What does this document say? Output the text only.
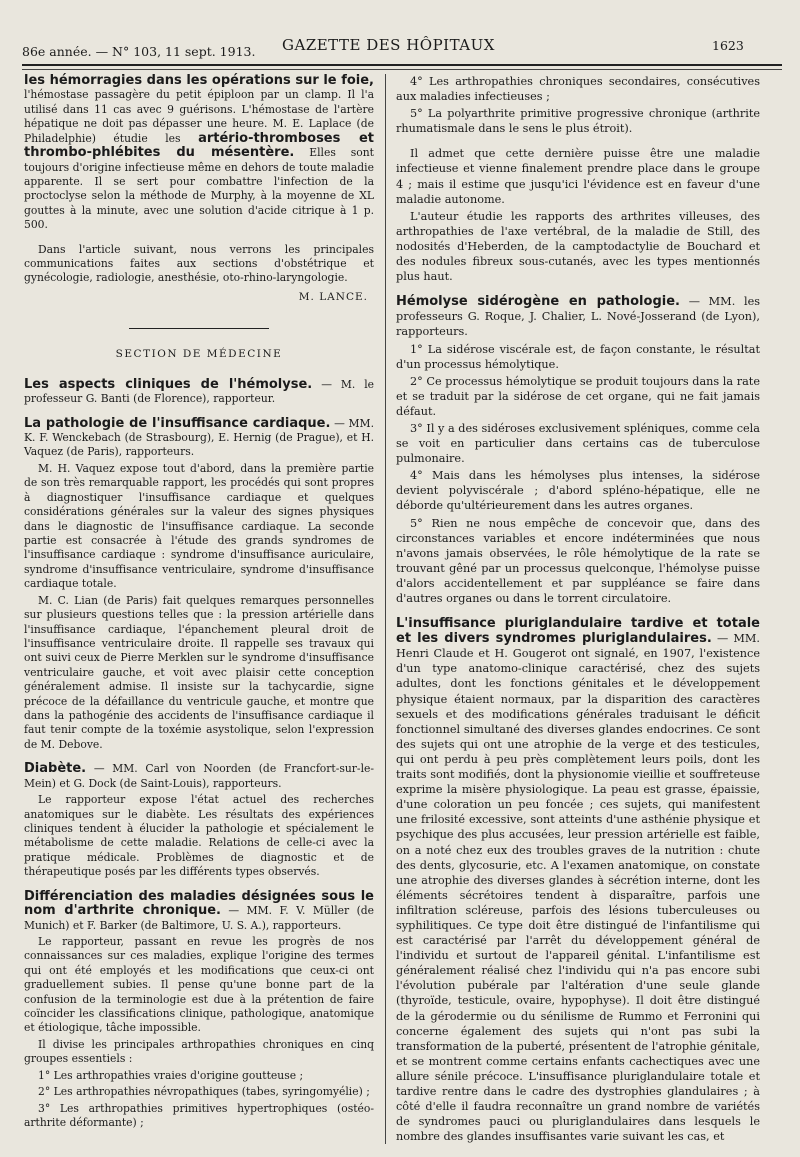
86e année. — N° 103, 11 sept. 1913. GAZETTE DES HÔPITAUX	1623

les hémorragies dans les opérations sur le foie, l'hémostase passagère du petit épiploon par un clamp. Il l'a utilisé dans 11 cas avec 9 guérisons. L'hémostase de l'artère hépatique ne doit pas dépasser une heure. M. E. Laplace (de Philadelphie) étudie les artério-thromboses et thrombo-phlébites du mésentère. Elles sont toujours d'origine infectieuse même en dehors de toute maladie apparente. Il se sert pour combattre l'infection de la proctoclyse selon la méthode de Murphy, à la moyenne de XL gouttes à la minute, avec une solution d'acide citrique à 1 p. 500.

Dans l'article suivant, nous verrons les principales communications faites aux sections d'obstétrique et gynécologie, radiologie, anesthésie, oto-rhino-laryngologie.

M. LANCE.
SECTION DE MÉDECINE

Les aspects cliniques de l'hémolyse. — M. le professeur G. Banti (de Florence), rapporteur.

La pathologie de l'insuffisance cardiaque. — MM. K. F. Wenckebach (de Strasbourg), E. Hernig (de Prague), et H. Vaquez (de Paris), rapporteurs.

M. H. Vaquez expose tout d'abord, dans la première partie de son très remarquable rapport, les procédés qui sont propres à diagnostiquer l'insuffisance cardiaque et quelques considérations générales sur la valeur des signes physiques dans le diagnostic de l'insuffisance cardiaque. La seconde partie est consacrée à l'étude des grands syndromes de l'insuffisance cardiaque : syndrome d'insuffisance auriculaire, syndrome d'insuffisance ventriculaire, syndrome d'insuffisance cardiaque totale.

M. C. Lian (de Paris) fait quelques remarques personnelles sur plusieurs questions telles que : la pression artérielle dans l'insuffisance cardiaque, l'épanchement pleural droit de l'insuffisance ventriculaire droite. Il rappelle ses travaux qui ont suivi ceux de Pierre Merklen sur le syndrome d'insuffisance ventriculaire gauche, et voit avec plaisir cette conception généralement admise. Il insiste sur la tachycardie, signe précoce de la défaillance du ventricule gauche, et montre que dans la pathogénie des accidents de l'insuffisance cardiaque il faut tenir compte de la toxémie asystolique, selon l'expression de M. Debove.

Diabète. — MM. Carl von Noorden (de Francfort-sur-le-Mein) et G. Dock (de Saint-Louis), rapporteurs.

Le rapporteur expose l'état actuel des recherches anatomiques sur le diabète. Les résultats des expériences cliniques tendent à élucider la pathologie et spécialement le métabolisme de cette maladie. Relations de celle-ci avec la pratique médicale. Problèmes de diagnostic et de thérapeutique posés par les différents types observés.

Différenciation des maladies désignées sous le nom d'arthrite chronique. — MM. F. V. Müller (de Munich) et F. Barker (de Baltimore, U. S. A.), rapporteurs.

Le rapporteur, passant en revue les progrès de nos connaissances sur ces maladies, explique l'origine des termes qui ont été employés et les modifications que ceux-ci ont graduellement subies. Il pense qu'une bonne part de la confusion de la terminologie est due à la prétention de faire coïncider les classifications clinique, pathologique, anatomique et étiologique, tâche impossible.

Il divise les principales arthropathies chroniques en cinq groupes essentiels :

1° Les arthropathies vraies d'origine goutteuse ;

2° Les arthropathies névropathiques (tabes, syringomyélie) ;

3° Les arthropathies primitives hypertrophiques (ostéo-arthrite déformante) ;

4° Les arthropathies chroniques secondaires, consécutives aux maladies infectieuses ;

5° La polyarthrite primitive progressive chronique (arthrite rhumatismale dans le sens le plus étroit).

Il admet que cette dernière puisse être une maladie infectieuse et vienne finalement prendre place dans le groupe 4 ; mais il estime que jusqu'ici l'évidence est en faveur d'une maladie autonome.

L'auteur étudie les rapports des arthrites villeuses, des arthropathies de l'axe vertébral, de la maladie de Still, des nodosités d'Heberden, de la camptodactylie de Bouchard et des nodules fibreux sous-cutanés, avec les types mentionnés plus haut.

Hémolyse sidérogène en pathologie. — MM. les professeurs G. Roque, J. Chalier, L. Nové-Josserand (de Lyon), rapporteurs.

1° La sidérose viscérale est, de façon constante, le résultat d'un processus hémolytique.

2° Ce processus hémolytique se produit toujours dans la rate et se traduit par la sidérose de cet organe, qui ne fait jamais défaut.

3° Il y a des sidéroses exclusivement spléniques, comme cela se voit en particulier dans certains cas de tuberculose pulmonaire.

4° Mais dans les hémolyses plus intenses, la sidérose devient polyviscérale ; d'abord spléno-hépatique, elle ne déborde qu'ultérieurement dans les autres organes.

5° Rien ne nous empêche de concevoir que, dans des circonstances variables et encore indéterminées que nous n'avons jamais observées, le rôle hémolytique de la rate se trouvant gêné par un processus quelconque, l'hémolyse puisse d'alors accidentellement et par suppléance se faire dans d'autres organes ou dans le torrent circulatoire.

L'insuffisance pluriglandulaire tardive et totale et les divers syndromes pluriglandulaires. — MM. Henri Claude et H. Gougerot ont signalé, en 1907, l'existence d'un type anatomo-clinique caractérisé, chez des sujets adultes, dont les fonctions génitales et le développement physique étaient normaux, par la disparition des caractères sexuels et des modifications générales traduisant le déficit fonctionnel simultané des diverses glandes endocrines. Ce sont des sujets qui ont une atrophie de la verge et des testicules, qui ont perdu à peu près complètement leurs poils, dont les traits sont modifiés, dont la physionomie vieillie et souffreteuse exprime la misère physiologique. La peau est grasse, épaissie, d'une coloration un peu foncée ; ces sujets, qui manifestent une frilosité excessive, sont atteints d'une asthénie physique et psychique des plus accusées, leur pression artérielle est faible, on a noté chez eux des troubles graves de la nutrition : chute des dents, glycosurie, etc. A l'examen anatomique, on constate une atrophie des diverses glandes à sécrétion interne, dont les éléments sécrétoires tendent à disparaître, parfois une infiltration scléreuse, parfois des lésions tuberculeuses ou syphilitiques. Ce type doit être distingué de l'infantilisme qui est caractérisé par l'arrêt du développement général de l'individu et surtout de l'appareil génital. L'infantilisme est généralement réalisé chez l'individu qui n'a pas encore subi l'évolution pubérale par l'altération d'une seule glande (thyroïde, testicule, ovaire, hypophyse). Il doit être distingué de la gérodermie ou du sénilisme de Rummo et Ferronini qui concerne également des sujets qui n'ont pas subi la transformation de la puberté, présentent de l'atrophie génitale, et se montrent comme certains enfants cachectiques avec une allure sénile précoce. L'insuffisance pluriglandulaire totale et tardive rentre dans le cadre des dystrophies glandulaires ; à côté d'elle il faudra reconnaître un grand nombre de variétés de syndromes pauci ou pluriglandulaires dans lesquels le nombre des glandes insuffisantes varie suivant les cas, et
